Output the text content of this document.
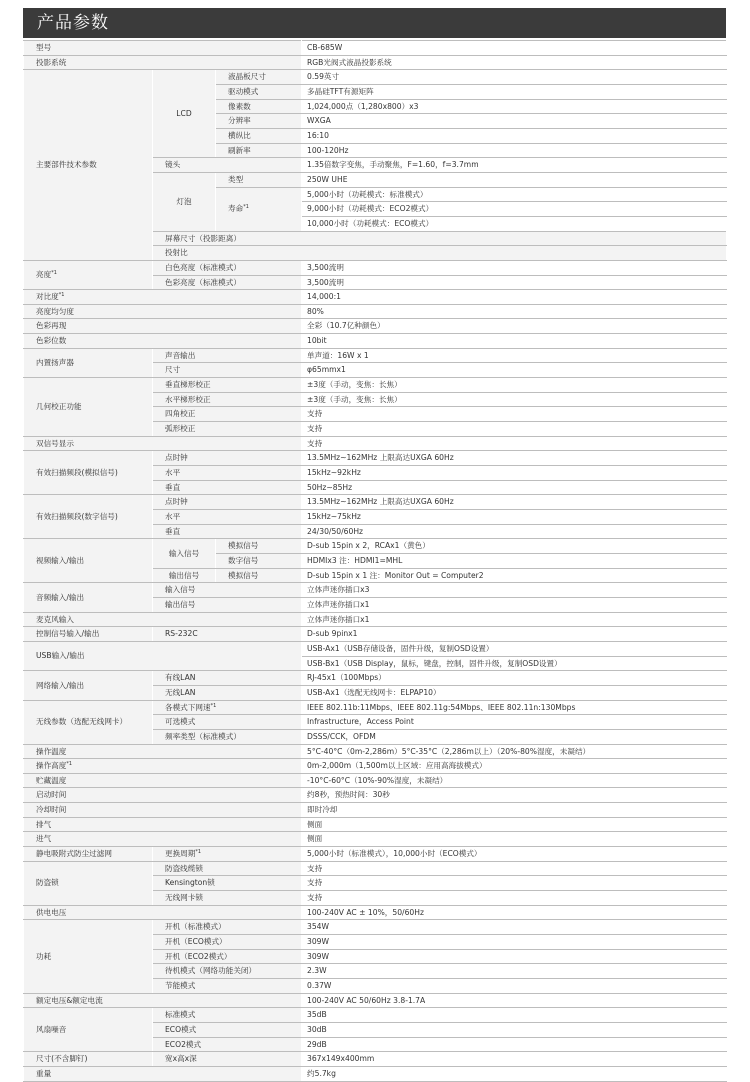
产品参数
型号			CB-685W	
投影系统			RGB光阀式液晶投影系统	
主要部件技术参数	LCD	液晶板尺寸	0.59英寸	
		驱动模式	多晶硅TFT有源矩阵	
		像素数	1,024,000点（1,280x800）x3	
		分辨率	WXGA	
		横纵比	16:10	
		刷新率	100-120Hz	
	镜头		1.35倍数字变焦，手动聚焦，F=1.60，f=3.7mm	
	灯泡	类型	250W UHE	
		寿命$^{*1}$	5,000小时（功耗模式：标准模式）	
			9,000小时（功耗模式：ECO2模式）	
			10,000小时（功耗模式：ECO模式）	
	屏幕尺寸（投影距离）	
	投射比	
亮度$^{*1}$	白色亮度（标准模式）		3,500流明	
	色彩亮度（标准模式）		3,500流明	
对比度$^{*1}$			14,000:1	
亮度均匀度			80%	
色彩再现			全彩（10.7亿种颜色）	
色彩位数			10bit	
内置扬声器	声音输出		单声道：16W x 1	
	尺寸		φ65mmx1	
几何校正功能	垂直梯形校正		±3度（手动，变焦：长焦）	
	水平梯形校正		±3度（手动，变焦：长焦）	
	四角校正		支持	
	弧形校正		支持	
双信号显示			支持	
有效扫描频段(模拟信号)	点时钟		13.5MHz~162MHz 上限高达UXGA 60Hz	
	水平		15kHz~92kHz	
	垂直		50Hz~85Hz	
有效扫描频段(数字信号)	点时钟		13.5MHz~162MHz 上限高达UXGA 60Hz	
	水平		15kHz~75kHz	
	垂直		24/30/50/60Hz	
视频输入/输出	输入信号	模拟信号	D-sub 15pin x 2，RCAx1（黄色）	
		数字信号	HDMIx3 注：HDMI1=MHL	
	输出信号	模拟信号	D-sub 15pin x 1 注：Monitor Out = Computer2	
音频输入/输出	输入信号		立体声迷你插口x3	
	输出信号		立体声迷你插口x1	
麦克风输入			立体声迷你插口x1	
控制信号输入/输出	RS-232C		D-sub 9pinx1	
USB输入/输出			USB-Ax1（USB存储设备，固件升级，复制OSD设置）	
			USB-Bx1（USB Display，鼠标，键盘，控制，固件升级，复制OSD设置）	
网络输入/输出	有线LAN		RJ-45x1（100Mbps）	
	无线LAN		USB-Ax1（选配无线网卡：ELPAP10）	
无线参数（选配无线网卡）	各模式下网速$^{*1}$		IEEE 802.11b:11Mbps、IEEE 802.11g:54Mbps、IEEE 802.11n:130Mbps	
	可选模式		Infrastructure，Access Point	
	频率类型（标准模式）		DSSS/CCK，OFDM	
操作温度			5°C-40°C（0m-2,286m）5°C-35°C（2,286m以上）（20%-80%湿度，未凝结）	
操作高度$^{*1}$			0m-2,000m（1,500m以上区域：应用高海拔模式）	
贮藏温度			-10°C-60°C（10%-90%湿度，未凝结）	
启动时间			约8秒，预热时间：30秒	
冷却时间			即时冷却	
排气			侧面	
进气			侧面	
静电吸附式防尘过滤网	更换周期$^{*1}$		5,000小时（标准模式），10,000小时（ECO模式）	
防盗锁	防盗线缆锁		支持	
	Kensington锁		支持	
	无线网卡锁		支持	
供电电压			100-240V AC ± 10%，50/60Hz	
功耗	开机（标准模式）		354W	
	开机（ECO模式）		309W	
	开机（ECO2模式）		309W	
	待机模式（网络功能关闭）		2.3W	
	节能模式		0.37W	
额定电压&额定电流			100-240V AC 50/60Hz 3.8-1.7A	
风扇噪音	标准模式		35dB	
	ECO模式		30dB	
	ECO2模式		29dB	
尺寸(不含脚钉)	宽x高x深		367x149x400mm	
重量			约5.7kg	
